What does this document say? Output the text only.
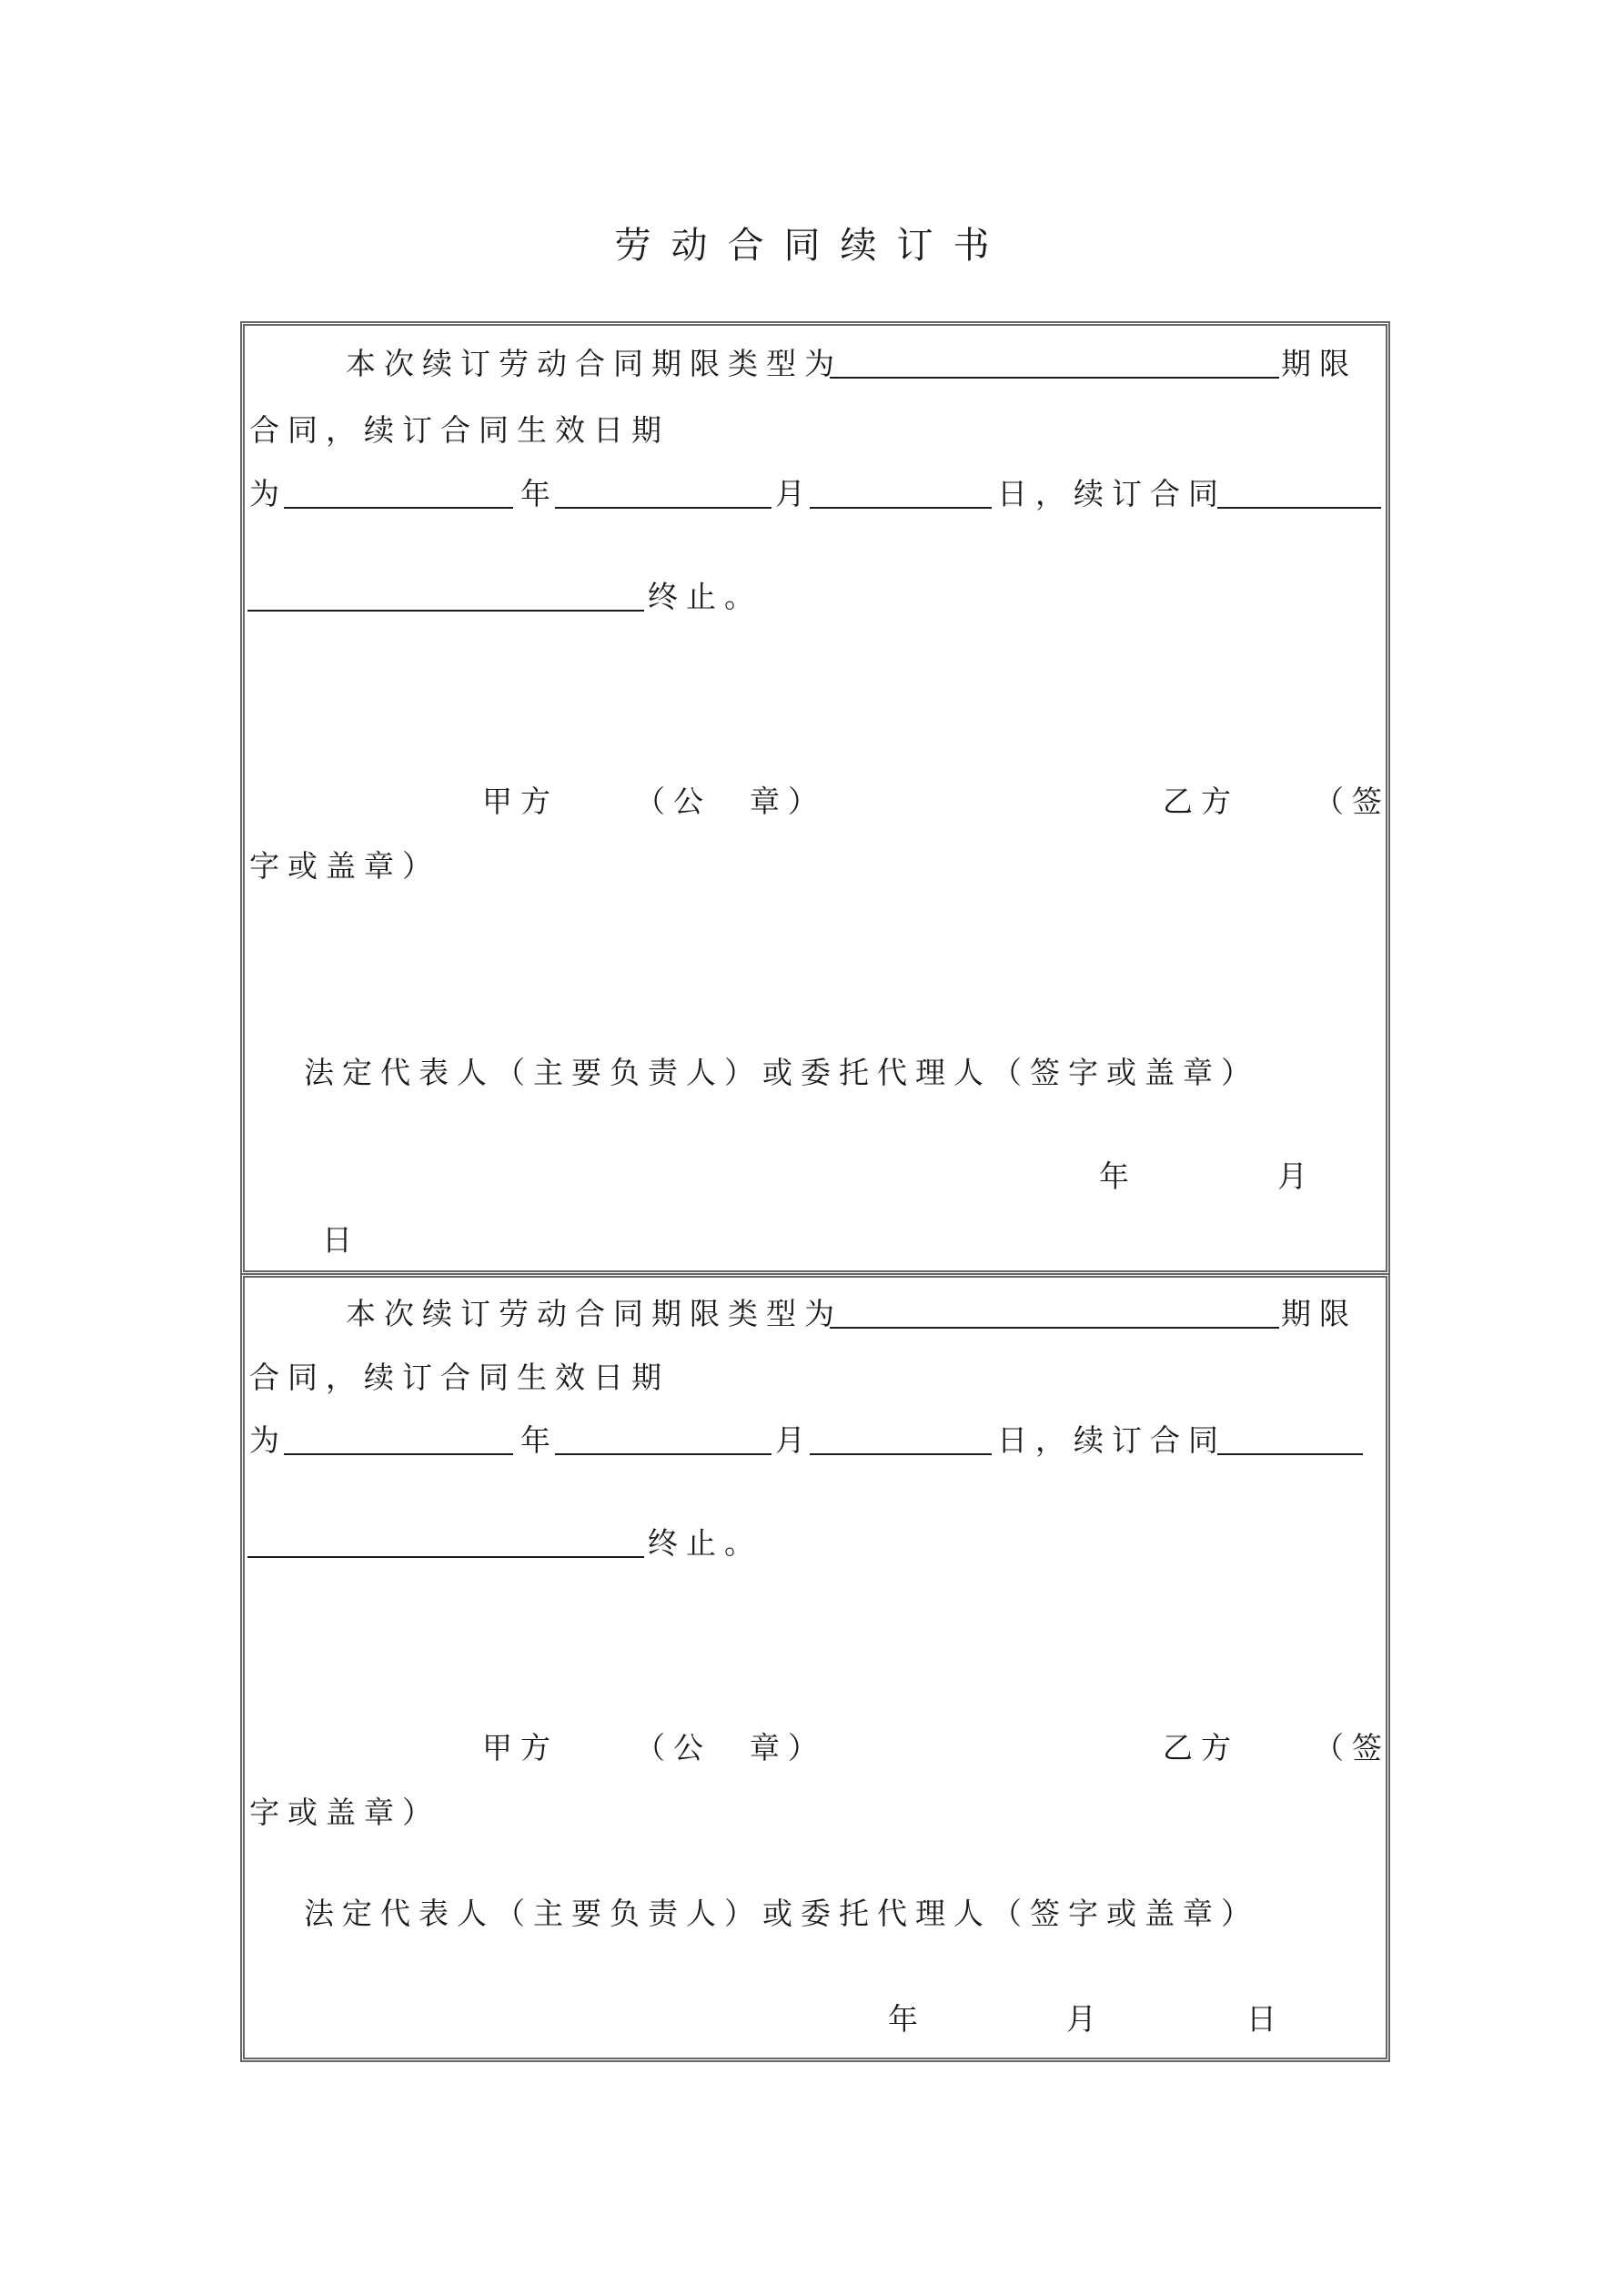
劳动合同续订书
本次续订劳动合同期限类型为	期限
合同，续订合同生效日期
为	年	月	日，续订合同
终止。
甲方	（公　章）	乙方 （签
字或盖章）
法定代表人（主要负责人）或委托代理人（签字或盖章）
年	月
日
本次续订劳动合同期限类型为	期限
合同，续订合同生效日期
为	年	月	日，续订合同
终止。
甲方	（公　章）	乙方 （签
字或盖章）
法定代表人（主要负责人）或委托代理人（签字或盖章）
年	月	日
